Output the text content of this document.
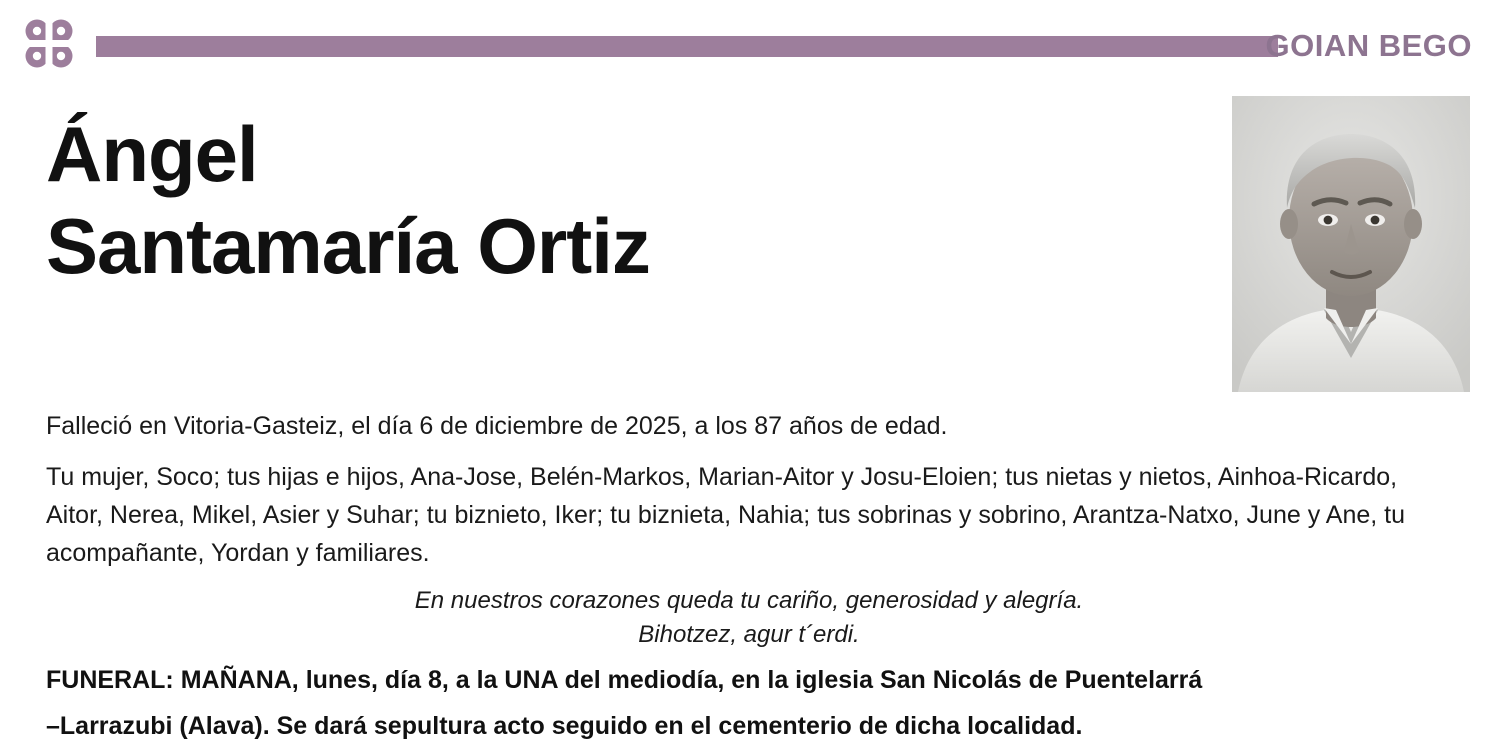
GOIAN BEGO
Ángel
Santamaría Ortiz
Falleció en Vitoria-Gasteiz, el día 6 de diciembre de 2025, a los 87 años de edad.
Tu mujer, Soco; tus hijas e hijos, Ana-Jose, Belén-Markos, Marian-Aitor y Josu-Eloien; tus nietas y nietos, Ainhoa-Ricardo, Aitor, Nerea, Mikel, Asier y Suhar; tu biznieto, Iker; tu biznieta, Nahia; tus sobrinas y sobrino, Arantza-Natxo, June y Ane, tu acompañante, Yordan y familiares.
En nuestros corazones queda tu cariño, generosidad y alegría.
Bihotzez, agur t´erdi.
FUNERAL: MAÑANA, lunes, día 8, a la UNA del mediodía, en la iglesia San Nicolás de Puentelarrá
–Larrazubi (Alava). Se dará sepultura acto seguido en el cementerio de dicha localidad.
